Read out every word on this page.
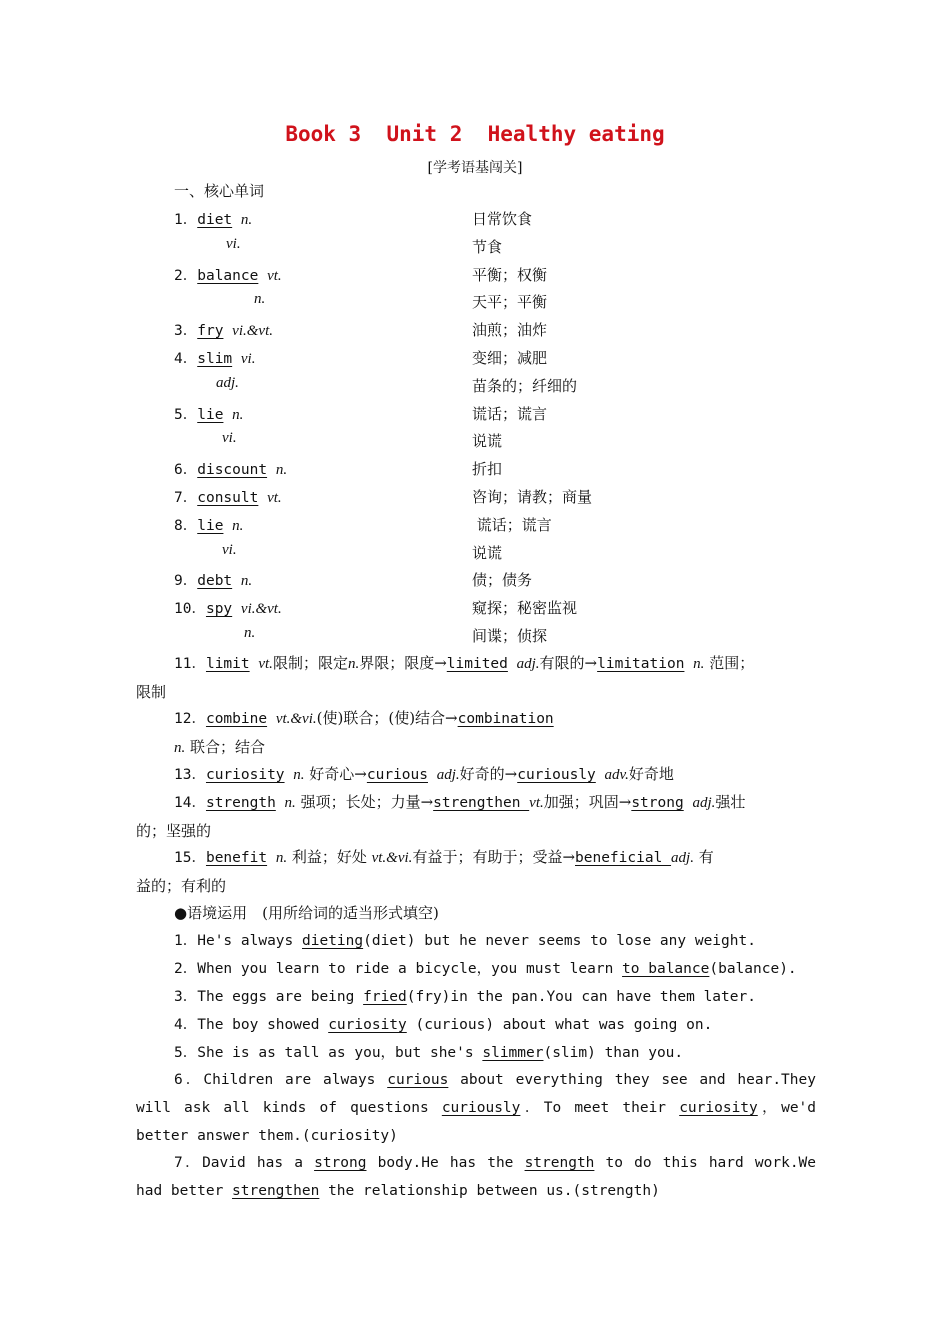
Book 3  Unit 2  Healthy eating
[学考语基闯关]
一、核心单词
1．diet n.	日常饮食
vi.	节食
2．balance vt.	平衡；权衡
n.	天平；平衡
3．fry vi.&vt.	油煎；油炸
4．slim vi.	变细；减肥
adj.	苗条的；纤细的
5．lie n.	谎话；谎言
vi.	说谎
6．discount n.	折扣
7．consult vt.	咨询；请教；商量
8．lie n.	谎话；谎言
vi.	说谎
9．debt n.	债；债务
10．spy vi.&vt.	窥探；秘密监视
n.	间谍；侦探
11．limit vt.限制；限定n.界限；限度→limited adj.有限的→limitation n. 范围；
限制
12．combine vt.&vi.(使)联合；(使)结合→combination
n. 联合；结合
13．curiosity n. 好奇心→curious adj.好奇的→curiously adv.好奇地
14．strength n. 强项；长处；力量→strengthen vt.加强；巩固→strong adj.强壮
的；坚强的
15．benefit n. 利益；好处 vt.&vi.有益于；有助于；受益→beneficial adj. 有
益的；有利的
●语境运用　(用所给词的适当形式填空)
1．He's always dieting(diet) but he never seems to lose any weight.
2．When you learn to ride a bicycle，you must learn to balance(balance).
3．The eggs are being fried(fry)in the pan.You can have them later.
4．The boy showed curiosity (curious) about what was going on.
5．She is as tall as you，but she's slimmer(slim) than you.
6．Children are always curious about everything they see and hear.They will ask all kinds of questions curiously．To meet their curiosity，we'd better answer them.(curiosity)
7．David has a strong body.He has the strength to do this hard work.We had better strengthen the relationship between us.(strength)
